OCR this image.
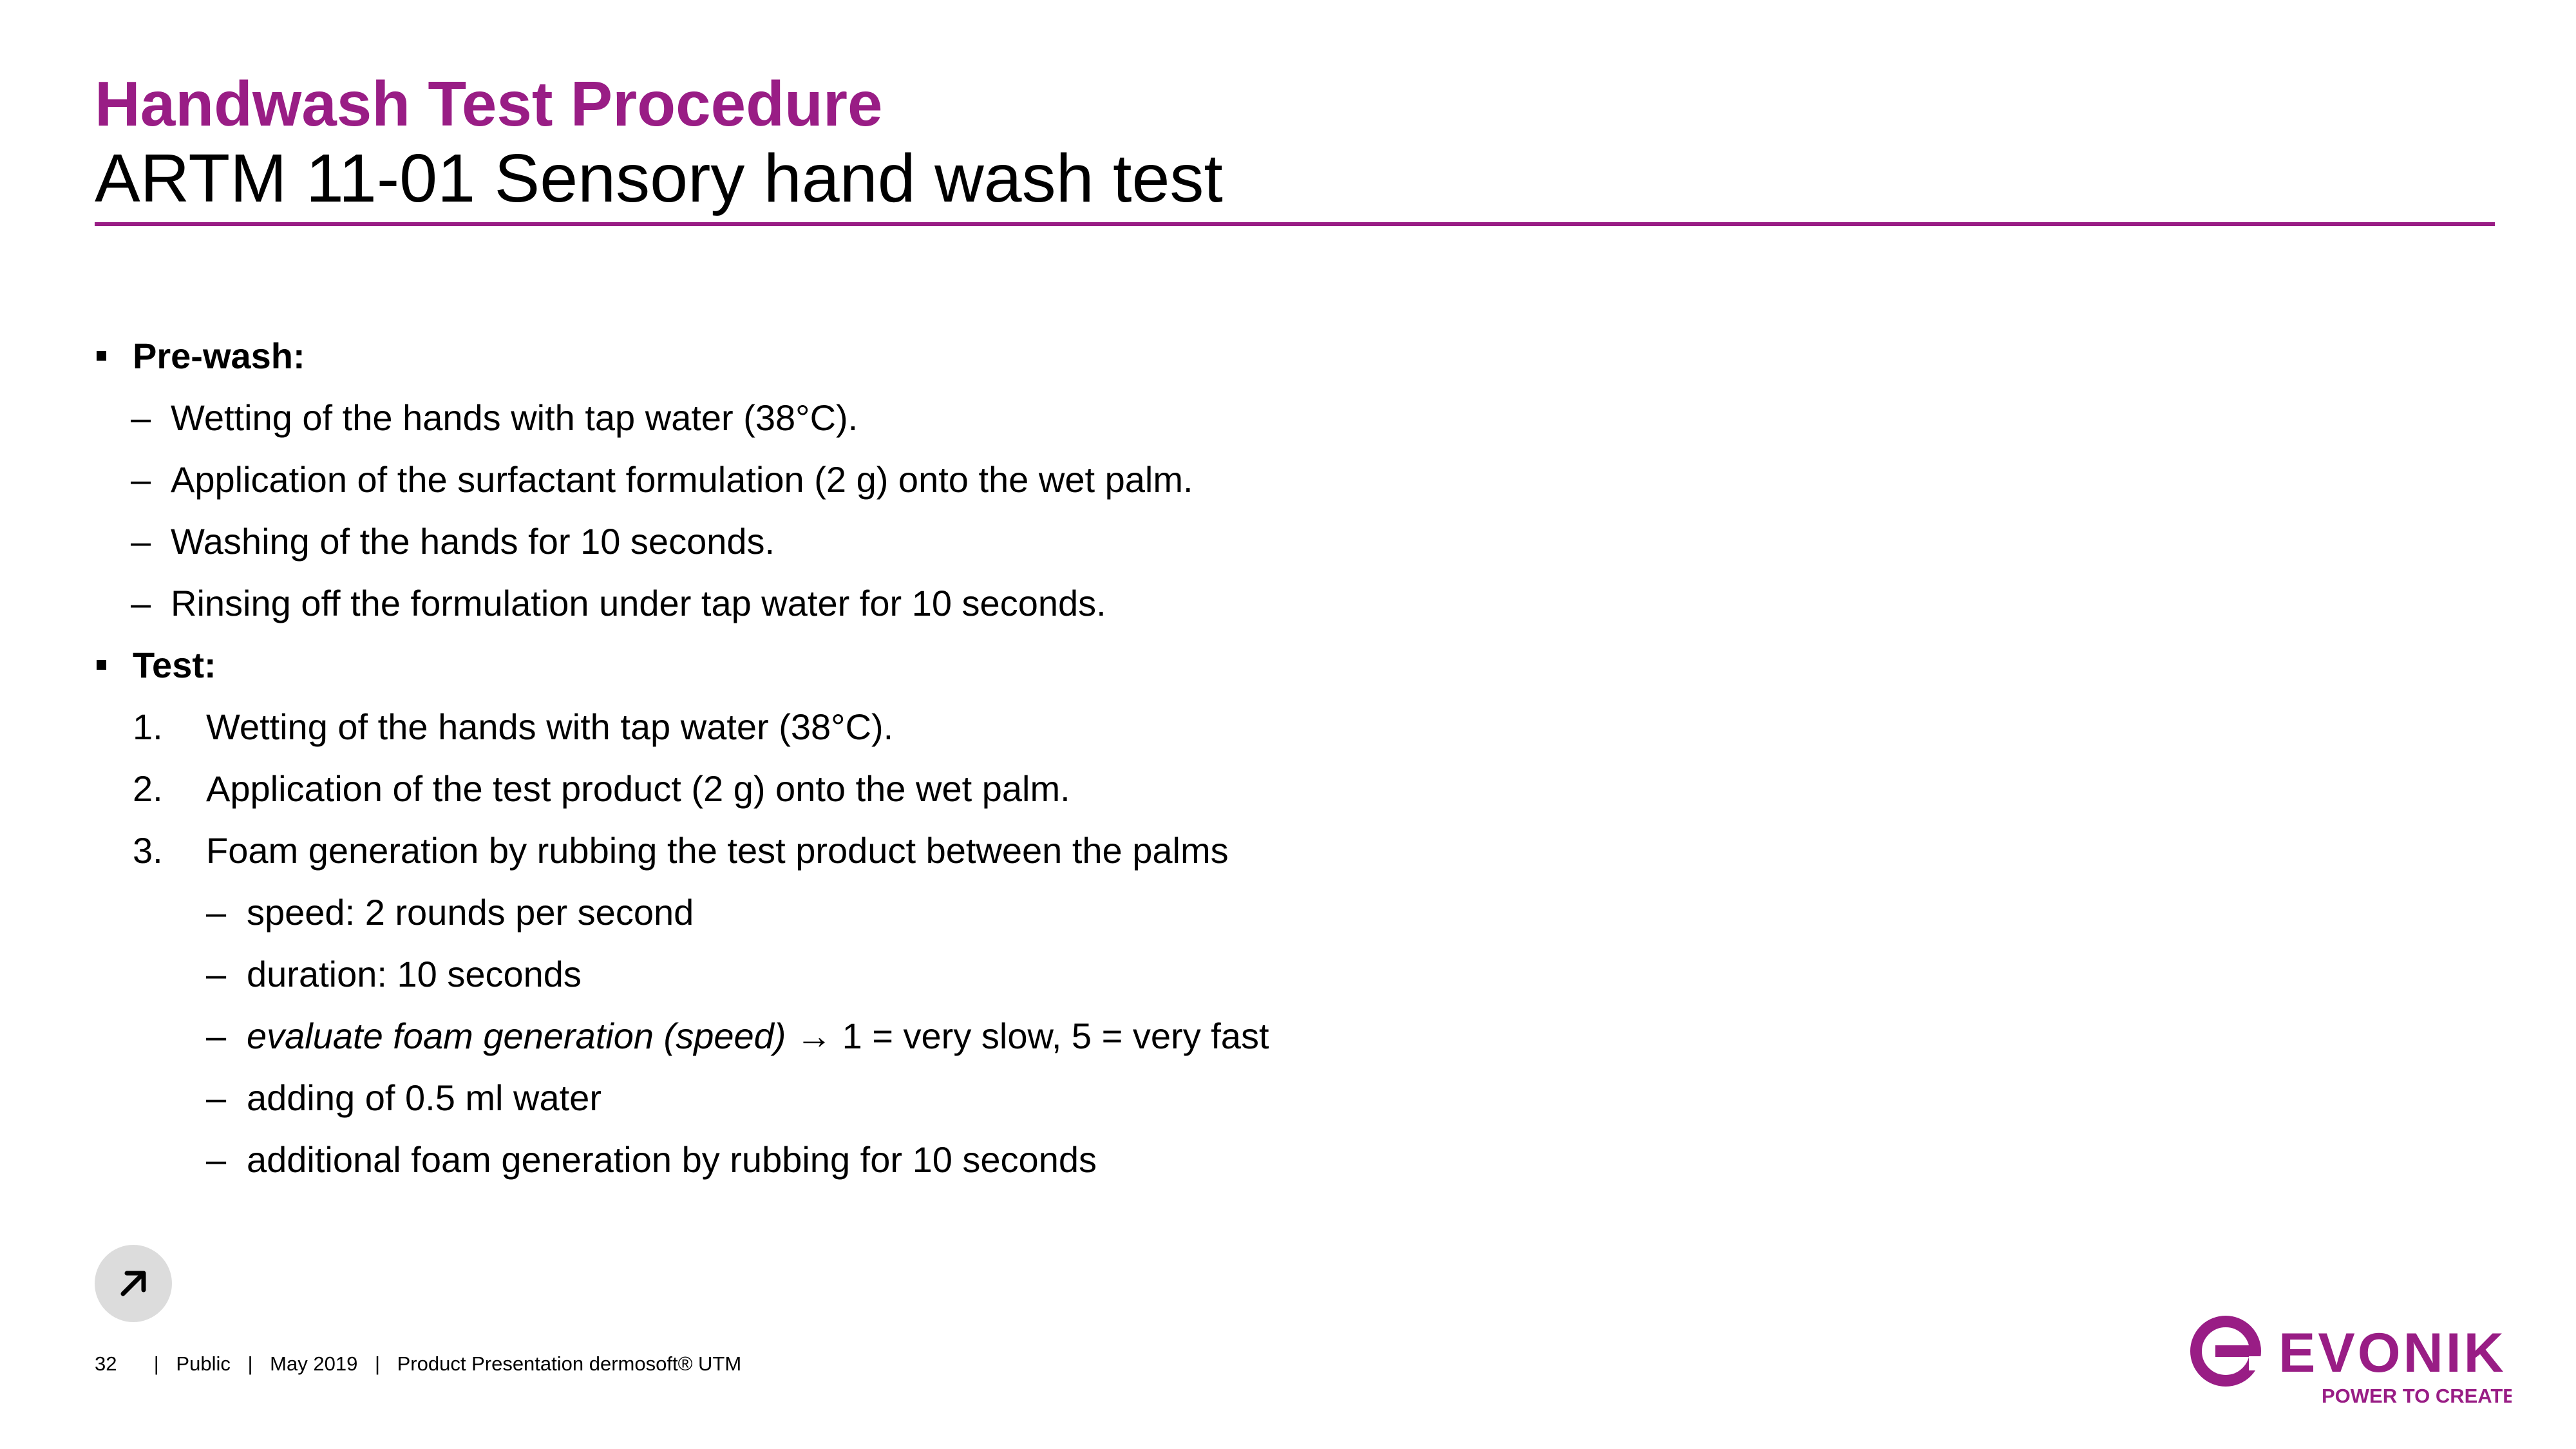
Handwash Test Procedure
ARTM 11-01 Sensory hand wash test
Pre-wash:
– Wetting of the hands with tap water (38°C).
– Application of the surfactant formulation (2 g) onto the wet palm.
– Washing of the hands for 10 seconds.
– Rinsing off the formulation under tap water for 10 seconds.
Test:
1. Wetting of the hands with tap water (38°C).
2. Application of the test product (2 g) onto the wet palm.
3. Foam generation by rubbing the test product between the palms
– speed: 2 rounds per second
– duration: 10 seconds
– evaluate foam generation (speed) → 1 = very slow, 5 = very fast
– adding of 0.5 ml water
– additional foam generation by rubbing for 10 seconds
32 | Public | May 2019 | Product Presentation dermosoft® UTM	EVONIK
POWER TO CREATE
